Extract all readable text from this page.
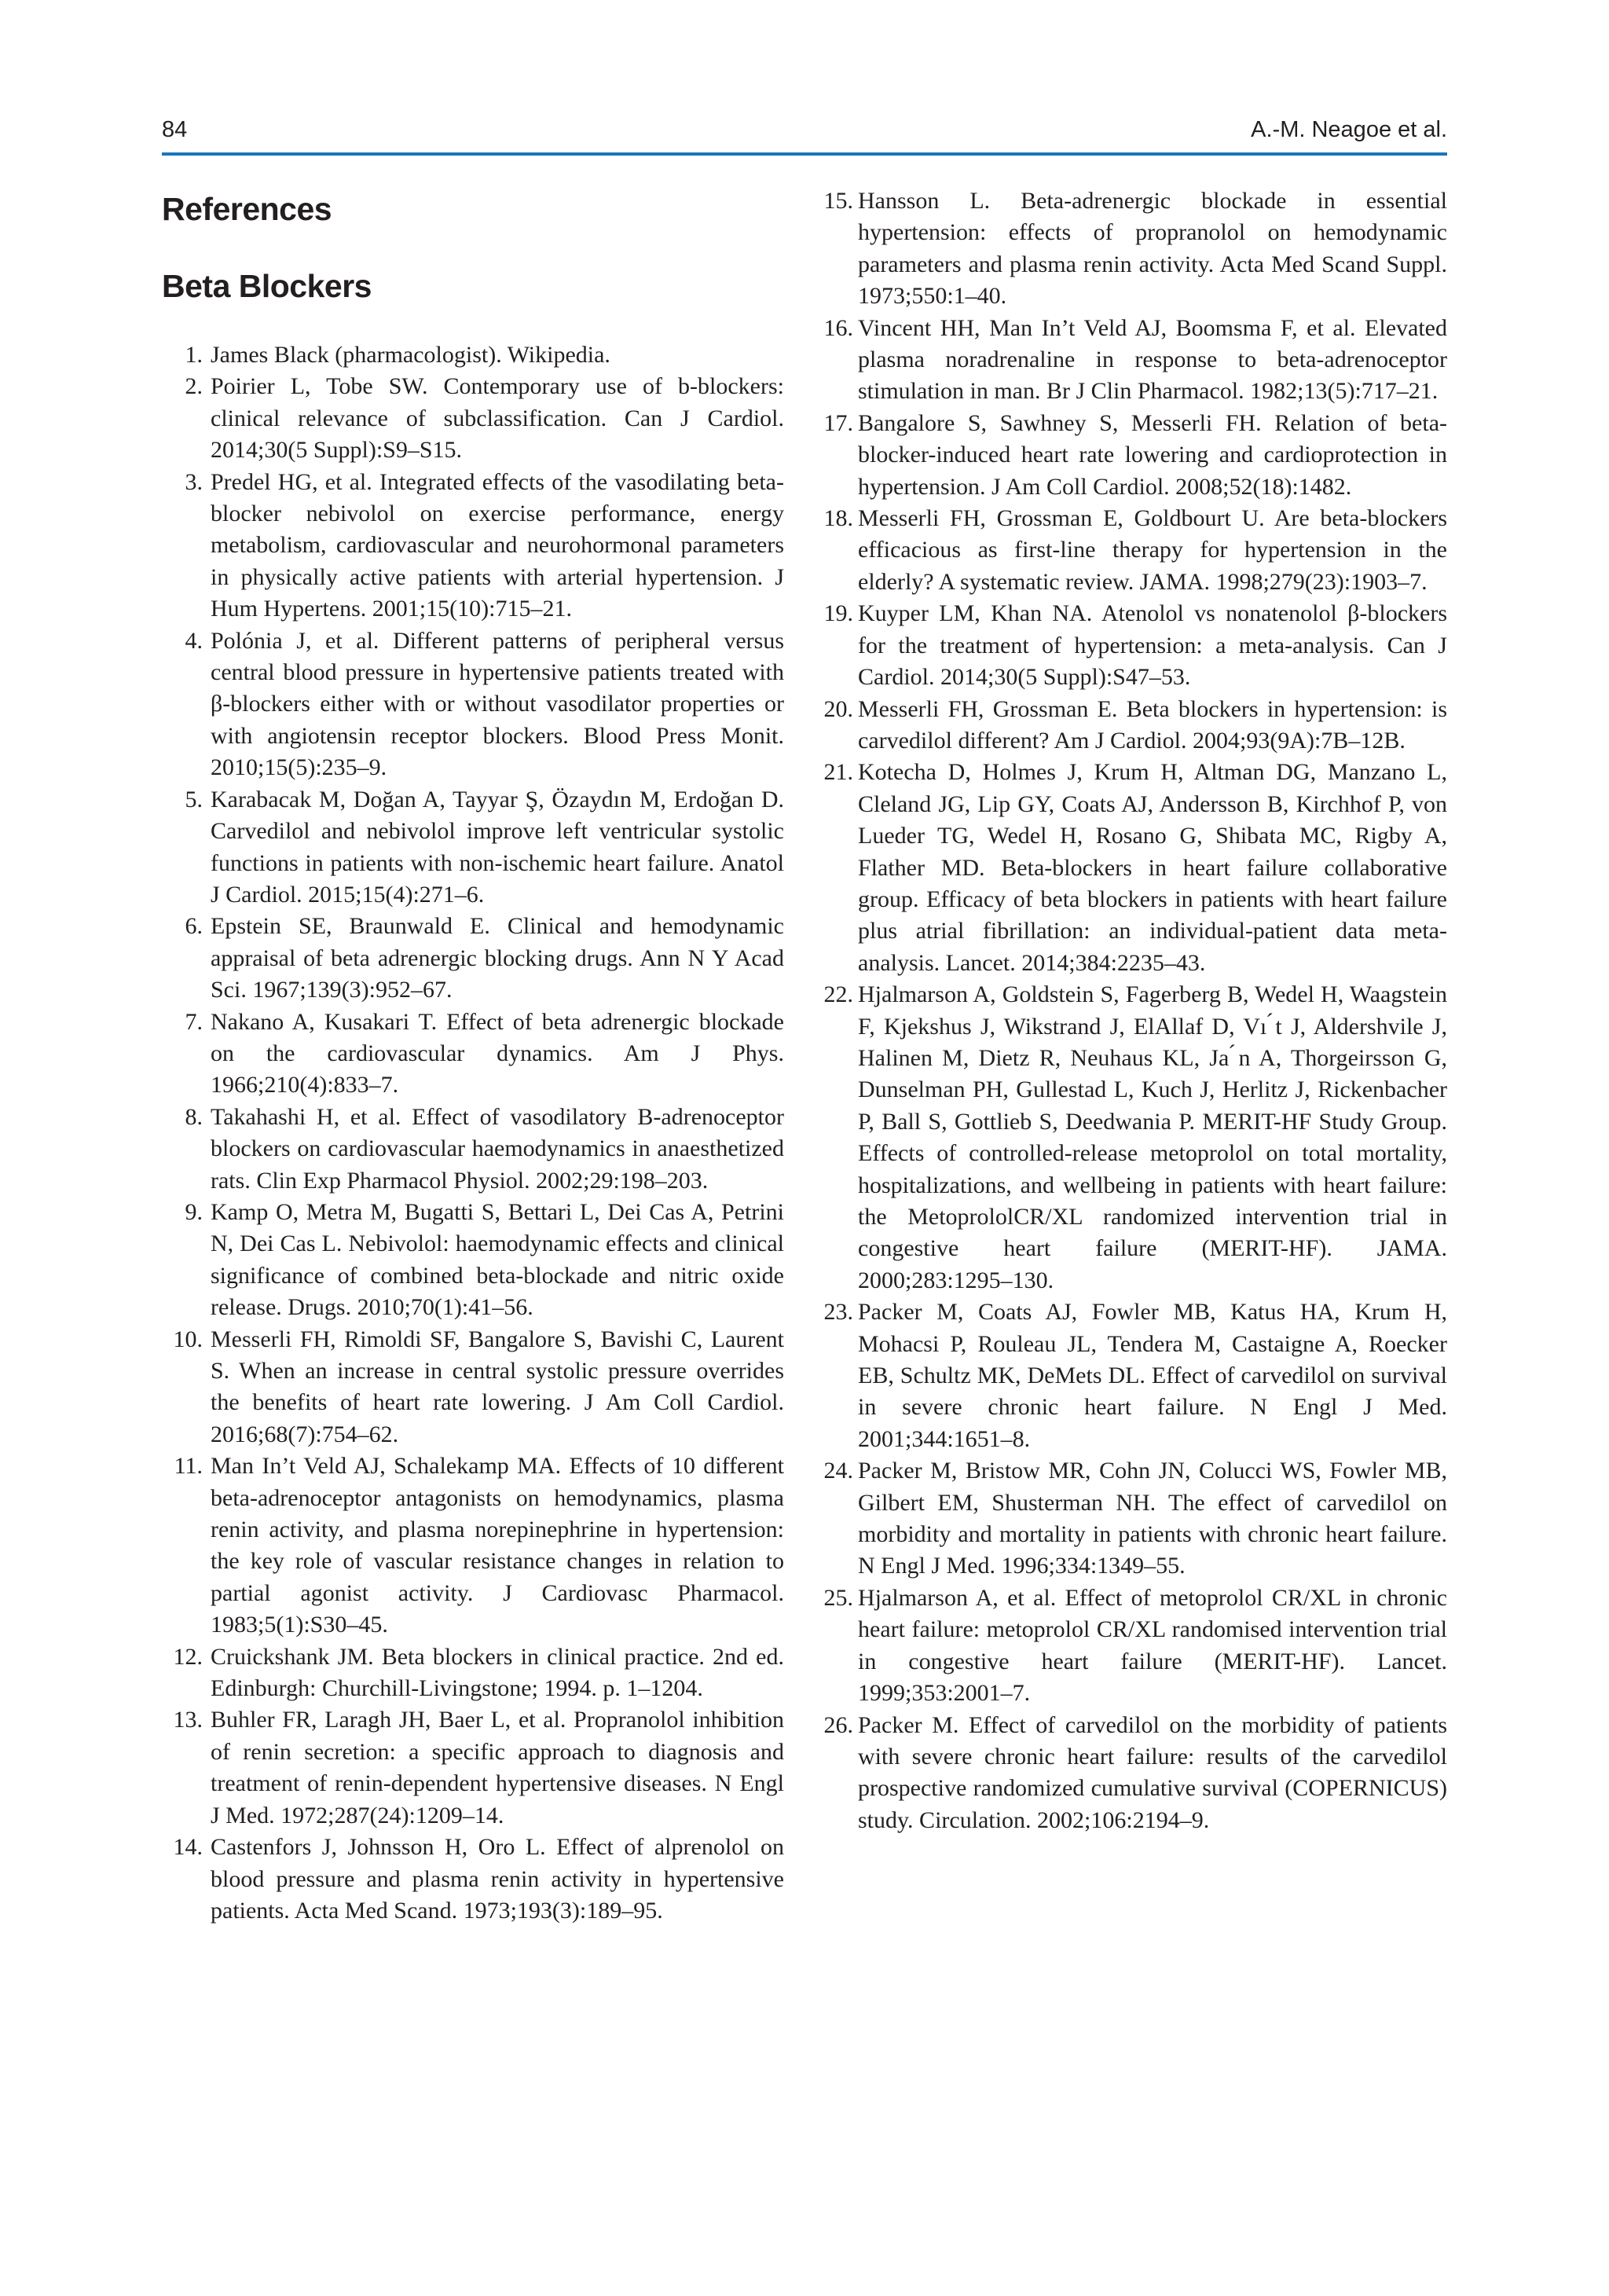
84	A.-M. Neagoe et al.
References
Beta Blockers
1. James Black (pharmacologist). Wikipedia.
2. Poirier L, Tobe SW. Contemporary use of b-blockers: clinical relevance of subclassification. Can J Cardiol. 2014;30(5 Suppl):S9–S15.
3. Predel HG, et al. Integrated effects of the vasodilating beta-blocker nebivolol on exercise performance, energy metabolism, cardiovascular and neurohormonal parameters in physically active patients with arterial hypertension. J Hum Hypertens. 2001;15(10):715–21.
4. Polónia J, et al. Different patterns of peripheral versus central blood pressure in hypertensive patients treated with β-blockers either with or without vasodilator properties or with angiotensin receptor blockers. Blood Press Monit. 2010;15(5):235–9.
5. Karabacak M, Doğan A, Tayyar Ş, Özaydın M, Erdoğan D. Carvedilol and nebivolol improve left ventricular systolic functions in patients with non-ischemic heart failure. Anatol J Cardiol. 2015;15(4):271–6.
6. Epstein SE, Braunwald E. Clinical and hemodynamic appraisal of beta adrenergic blocking drugs. Ann N Y Acad Sci. 1967;139(3):952–67.
7. Nakano A, Kusakari T. Effect of beta adrenergic blockade on the cardiovascular dynamics. Am J Phys. 1966;210(4):833–7.
8. Takahashi H, et al. Effect of vasodilatory B-adrenoceptor blockers on cardiovascular haemodynamics in anaesthetized rats. Clin Exp Pharmacol Physiol. 2002;29:198–203.
9. Kamp O, Metra M, Bugatti S, Bettari L, Dei Cas A, Petrini N, Dei Cas L. Nebivolol: haemodynamic effects and clinical significance of combined beta-blockade and nitric oxide release. Drugs. 2010;70(1):41–56.
10. Messerli FH, Rimoldi SF, Bangalore S, Bavishi C, Laurent S. When an increase in central systolic pressure overrides the benefits of heart rate lowering. J Am Coll Cardiol. 2016;68(7):754–62.
11. Man In’t Veld AJ, Schalekamp MA. Effects of 10 different beta-adrenoceptor antagonists on hemodynamics, plasma renin activity, and plasma norepinephrine in hypertension: the key role of vascular resistance changes in relation to partial agonist activity. J Cardiovasc Pharmacol. 1983;5(1):S30–45.
12. Cruickshank JM. Beta blockers in clinical practice. 2nd ed. Edinburgh: Churchill-Livingstone; 1994. p. 1–1204.
13. Buhler FR, Laragh JH, Baer L, et al. Propranolol inhibition of renin secretion: a specific approach to diagnosis and treatment of renin-dependent hypertensive diseases. N Engl J Med. 1972;287(24):1209–14.
14. Castenfors J, Johnsson H, Oro L. Effect of alprenolol on blood pressure and plasma renin activity in hypertensive patients. Acta Med Scand. 1973;193(3):189–95.
15. Hansson L. Beta-adrenergic blockade in essential hypertension: effects of propranolol on hemodynamic parameters and plasma renin activity. Acta Med Scand Suppl. 1973;550:1–40.
16. Vincent HH, Man In’t Veld AJ, Boomsma F, et al. Elevated plasma noradrenaline in response to beta-adrenoceptor stimulation in man. Br J Clin Pharmacol. 1982;13(5):717–21.
17. Bangalore S, Sawhney S, Messerli FH. Relation of beta-blocker-induced heart rate lowering and cardioprotection in hypertension. J Am Coll Cardiol. 2008;52(18):1482.
18. Messerli FH, Grossman E, Goldbourt U. Are beta-blockers efficacious as first-line therapy for hypertension in the elderly? A systematic review. JAMA. 1998;279(23):1903–7.
19. Kuyper LM, Khan NA. Atenolol vs nonatenolol β-blockers for the treatment of hypertension: a meta-analysis. Can J Cardiol. 2014;30(5 Suppl):S47–53.
20. Messerli FH, Grossman E. Beta blockers in hypertension: is carvedilol different? Am J Cardiol. 2004;93(9A):7B–12B.
21. Kotecha D, Holmes J, Krum H, Altman DG, Manzano L, Cleland JG, Lip GY, Coats AJ, Andersson B, Kirchhof P, von Lueder TG, Wedel H, Rosano G, Shibata MC, Rigby A, Flather MD. Beta-blockers in heart failure collaborative group. Efficacy of beta blockers in patients with heart failure plus atrial fibrillation: an individual-patient data meta-analysis. Lancet. 2014;384:2235–43.
22. Hjalmarson A, Goldstein S, Fagerberg B, Wedel H, Waagstein F, Kjekshus J, Wikstrand J, ElAllaf D, Vı ́t J, Aldershvile J, Halinen M, Dietz R, Neuhaus KL, Ja ́n A, Thorgeirsson G, Dunselman PH, Gullestad L, Kuch J, Herlitz J, Rickenbacher P, Ball S, Gottlieb S, Deedwania P. MERIT-HF Study Group. Effects of controlled-release metoprolol on total mortality, hospitalizations, and wellbeing in patients with heart failure: the MetoprololCR/XL randomized intervention trial in congestive heart failure (MERIT-HF). JAMA. 2000;283:1295–130.
23. Packer M, Coats AJ, Fowler MB, Katus HA, Krum H, Mohacsi P, Rouleau JL, Tendera M, Castaigne A, Roecker EB, Schultz MK, DeMets DL. Effect of carvedilol on survival in severe chronic heart failure. N Engl J Med. 2001;344:1651–8.
24. Packer M, Bristow MR, Cohn JN, Colucci WS, Fowler MB, Gilbert EM, Shusterman NH. The effect of carvedilol on morbidity and mortality in patients with chronic heart failure. N Engl J Med. 1996;334:1349–55.
25. Hjalmarson A, et al. Effect of metoprolol CR/XL in chronic heart failure: metoprolol CR/XL randomised intervention trial in congestive heart failure (MERIT-HF). Lancet. 1999;353:2001–7.
26. Packer M. Effect of carvedilol on the morbidity of patients with severe chronic heart failure: results of the carvedilol prospective randomized cumulative survival (COPERNICUS) study. Circulation. 2002;106:2194–9.
